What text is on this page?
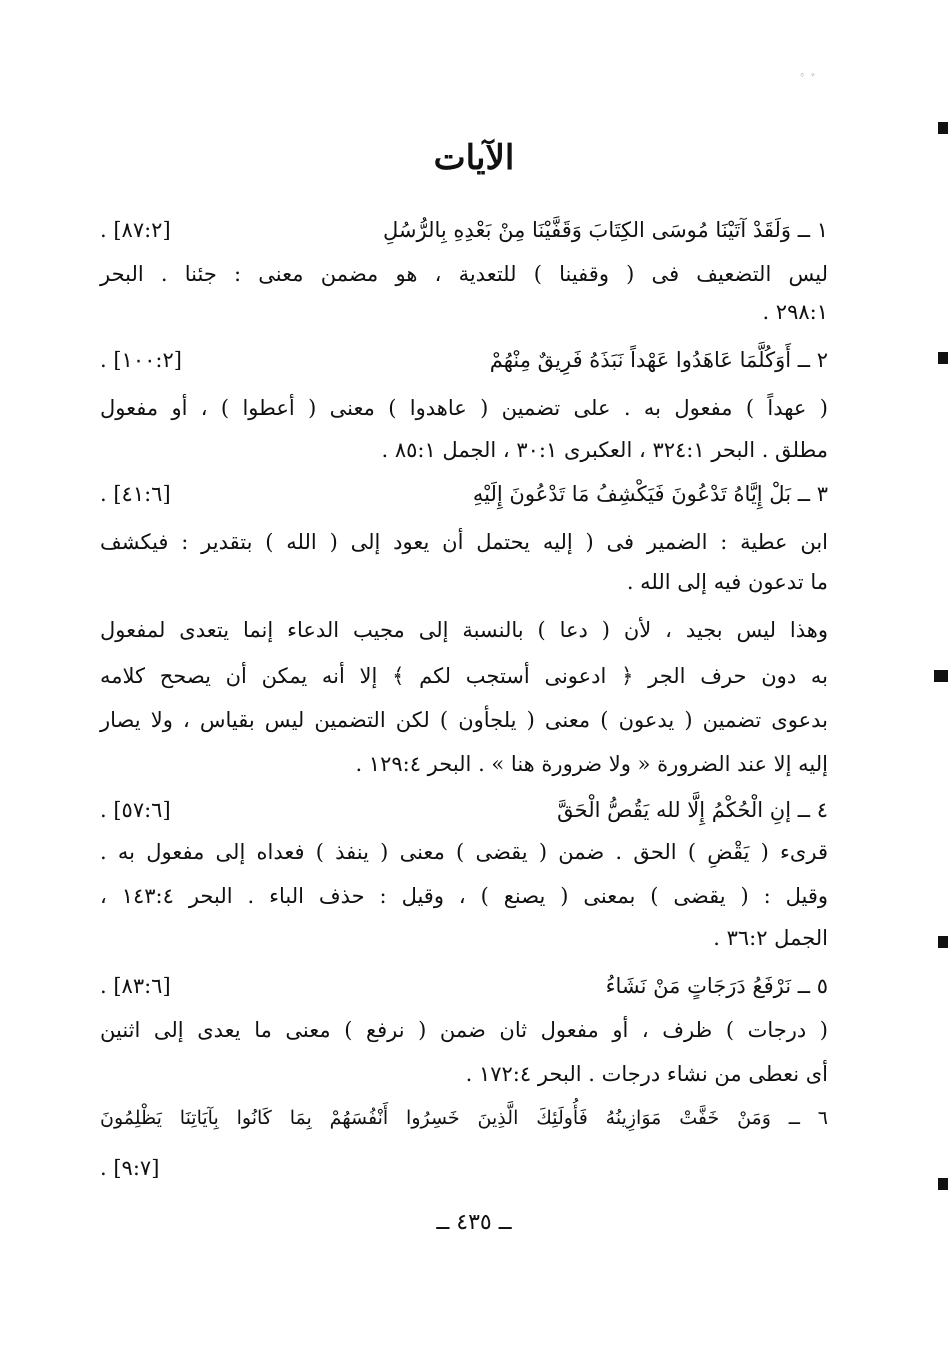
ﾟ ﾞ
الآيات
١ ــ وَلَقَدْ آتَيْنَا مُوسَى الكِتَابَ وَقَفَّيْنَا مِنْ بَعْدِهِ بِالرُّسُلِ
[٨٧:٢] .
ليس التضعيف فى ( وقفينا ) للتعدية ، هو مضمن معنى : جئنا . البحر
٢٩٨:١ .
٢ ــ أَوَكُلَّمَا عَاهَدُوا عَهْداً نَبَذَهُ فَرِيقٌ مِنْهُمْ
[١٠٠:٢] .
( عهداً ) مفعول به . على تضمين ( عاهدوا ) معنى ( أعطوا ) ، أو مفعول
مطلق . البحر ٣٢٤:١ ، العكبرى ٣٠:١ ، الجمل ٨٥:١ .
٣ ــ بَلْ إِيَّاهُ تَدْعُونَ فَيَكْشِفُ مَا تَدْعُونَ إِلَيْهِ
[٤١:٦] .
ابن عطية : الضمير فى ( إليه يحتمل أن يعود إلى ( الله ) بتقدير : فيكشف
ما تدعون فيه إلى الله .
وهذا ليس بجيد ، لأن ( دعا ) بالنسبة إلى مجيب الدعاء إنما يتعدى لمفعول
به دون حرف الجر ﴿ ادعونى أستجب لكم ﴾ إلا أنه يمكن أن يصحح كلامه
بدعوى تضمين ( يدعون ) معنى ( يلجأون ) لكن التضمين ليس بقياس ، ولا يصار
إليه إلا عند الضرورة « ولا ضرورة هنا » . البحر ١٢٩:٤ .
٤ ــ إنِ الْحُكْمُ إِلَّا لله يَقُصُّ الْحَقَّ
[٥٧:٦] .
قرىء ( يَقْضِ ) الحق . ضمن ( يقضى ) معنى ( ينفذ ) فعداه إلى مفعول به .
وقيل : ( يقضى ) بمعنى ( يصنع ) ، وقيل : حذف الباء . البحر ١٤٣:٤ ،
الجمل ٣٦:٢ .
٥ ــ نَرْفَعُ دَرَجَاتٍ مَنْ نَشَاءُ
[٨٣:٦] .
( درجات ) ظرف ، أو مفعول ثان ضمن ( نرفع ) معنى ما يعدى إلى اثنين
أى نعطى من نشاء درجات . البحر ١٧٢:٤ .
٦ ــ وَمَنْ خَفَّتْ مَوَازِينُهُ فَأُولَئِكَ الَّذِينَ خَسِرُوا أَنْفُسَهُمْ بِمَا كَانُوا بِآيَاتِنَا يَظْلِمُونَ
[٩:٧] .
ــ ٤٣٥ ــ
